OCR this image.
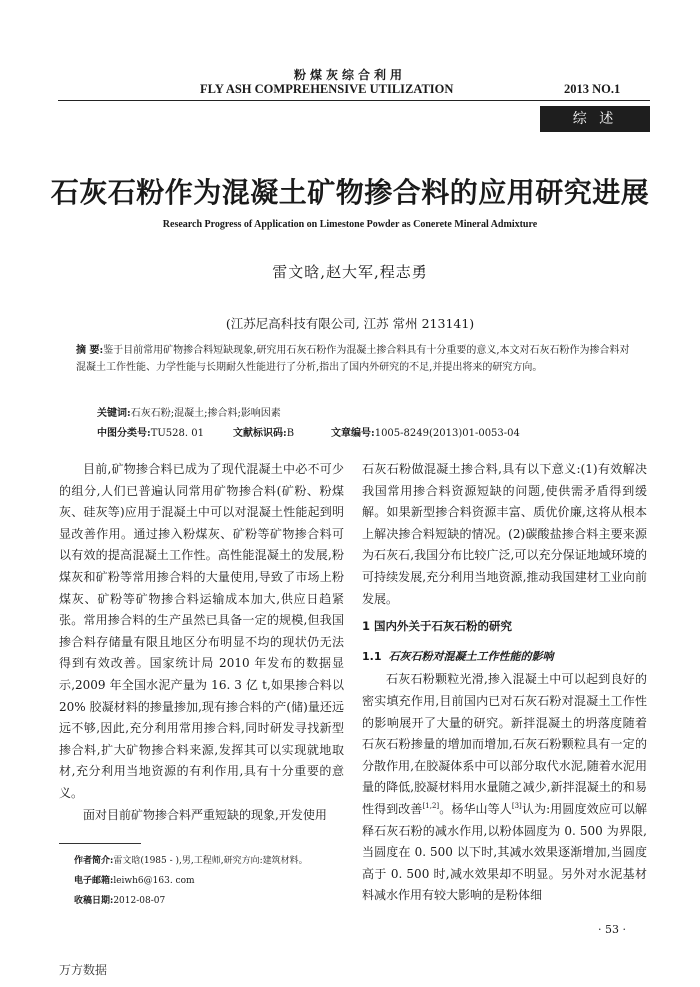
粉煤灰综合利用
FLY ASH COMPREHENSIVE UTILIZATION	2013 NO.1
综 述
石灰石粉作为混凝土矿物掺合料的应用研究进展
Research Progress of Application on Limestone Powder as Conerete Mineral Admixture
雷文晗,赵大军,程志勇
(江苏尼高科技有限公司, 江苏 常州 213141)
摘 要:鉴于目前常用矿物掺合料短缺现象,研究用石灰石粉作为混凝土掺合料具有十分重要的意义,本文对石灰石粉作为掺合料对混凝土工作性能、力学性能与长期耐久性能进行了分析,指出了国内外研究的不足,并提出将来的研究方向。
关键词:石灰石粉;混凝土;掺合料;影响因素
中图分类号:TU528. 01	文献标识码:B	文章编号:1005-8249(2013)01-0053-04

目前,矿物掺合料已成为了现代混凝土中必不可少的组分,人们已普遍认同常用矿物掺合料(矿粉、粉煤灰、硅灰等)应用于混凝土中可以对混凝土性能起到明显改善作用。通过掺入粉煤灰、矿粉等矿物掺合料可以有效的提高混凝土工作性。高性能混凝土的发展,粉煤灰和矿粉等常用掺合料的大量使用,导致了市场上粉煤灰、矿粉等矿物掺合料运输成本加大,供应日趋紧张。常用掺合料的生产虽然已具备一定的规模,但我国掺合料存储量有限且地区分布明显不均的现状仍无法得到有效改善。国家统计局 2010 年发布的数据显示,2009 年全国水泥产量为 16. 3 亿 t,如果掺合料以 20% 胶凝材料的掺量掺加,现有掺合料的产(储)量还远远不够,因此,充分利用常用掺合料,同时研发寻找新型掺合料,扩大矿物掺合料来源,发挥其可以实现就地取材,充分利用当地资源的有利作用,具有十分重要的意义。

面对目前矿物掺合料严重短缺的现象,开发使用

石灰石粉做混凝土掺合料,具有以下意义:(1)有效解决我国常用掺合料资源短缺的问题,使供需矛盾得到缓解。如果新型掺合料资源丰富、质优价廉,这将从根本上解决掺合料短缺的情况。(2)碳酸盐掺合料主要来源为石灰石,我国分布比较广泛,可以充分保证地域环境的可持续发展,充分利用当地资源,推动我国建材工业向前发展。

1 国内外关于石灰石粉的研究

1.1 石灰石粉对混凝土工作性能的影响

石灰石粉颗粒光滑,掺入混凝土中可以起到良好的密实填充作用,目前国内已对石灰石粉对混凝土工作性的影响展开了大量的研究。新拌混凝土的坍落度随着石灰石粉掺量的增加而增加,石灰石粉颗粒具有一定的分散作用,在胶凝体系中可以部分取代水泥,随着水泥用量的降低,胶凝材料用水量随之减少,新拌混凝土的和易性得到改善[1,2]。杨华山等人[3]认为:用圆度效应可以解释石灰石粉的减水作用,以粉体圆度为 0. 500 为界限,当圆度在 0. 500 以下时,其减水效果逐渐增加,当圆度高于 0. 500 时,减水效果却不明显。另外对水泥基材料减水作用有较大影响的是粉体细

作者简介:雷文晗(1985 - ),男,工程师,研究方向:建筑材料。
电子邮箱:leiwh6@163. com
收稿日期:2012-08-07
· 53 ·
万方数据
